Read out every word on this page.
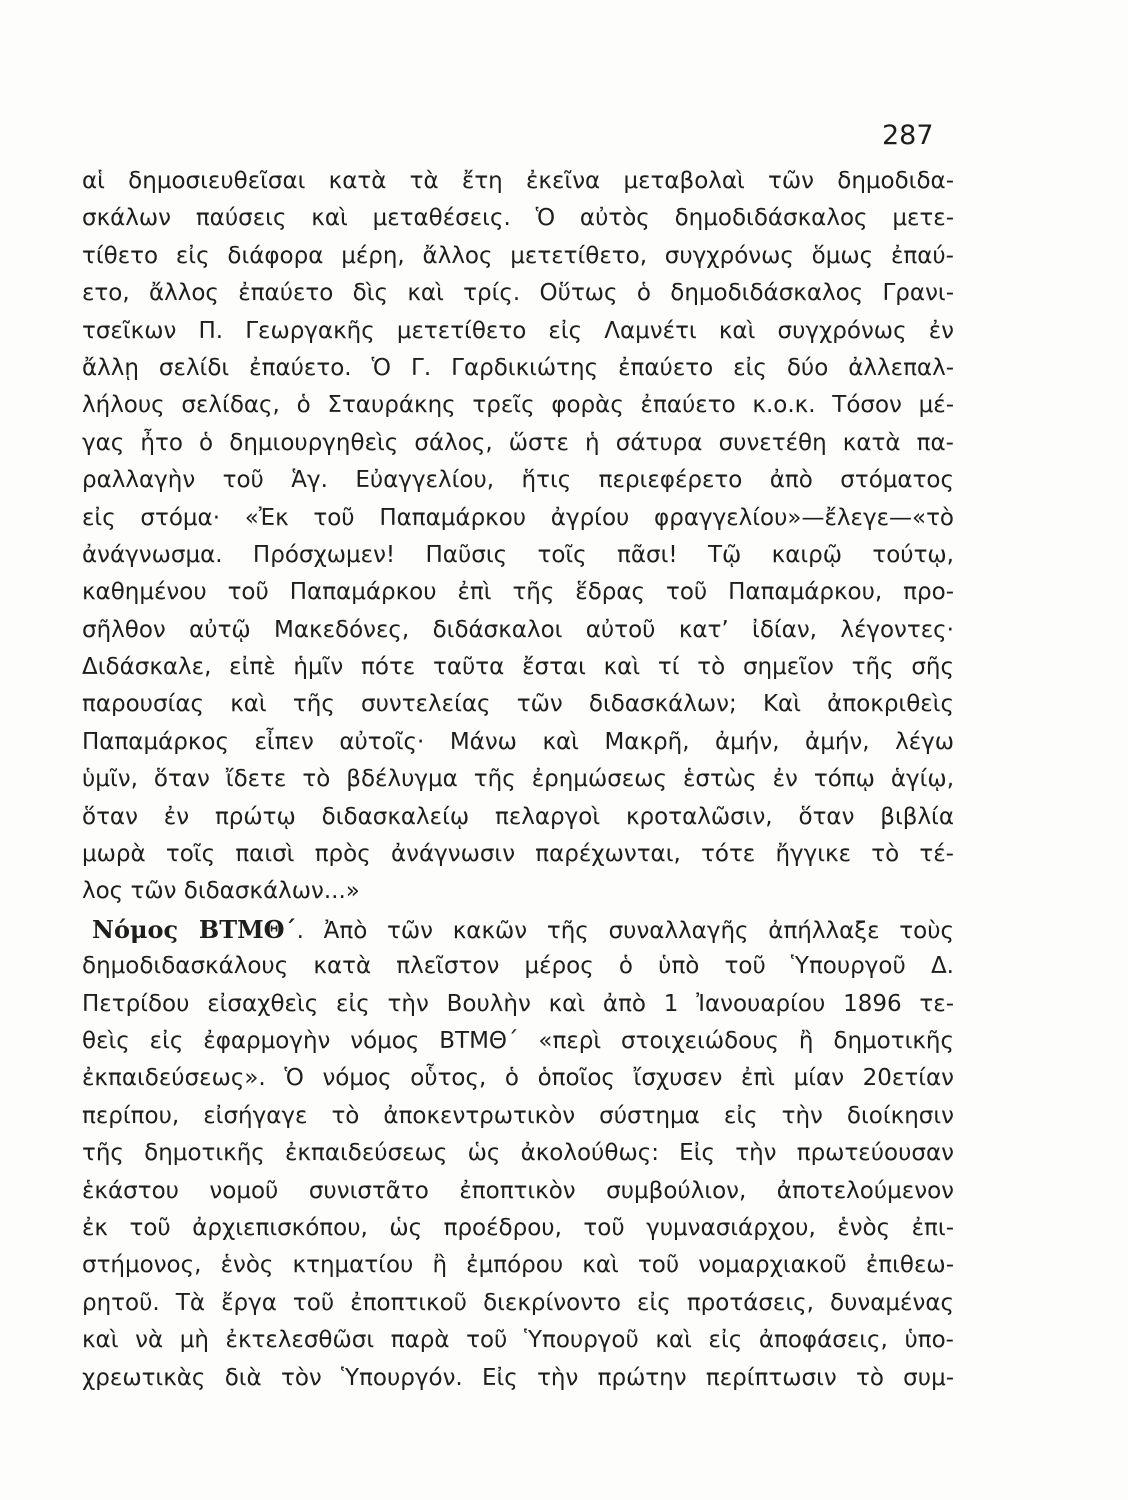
287
αἱ δημοσιευθεῖσαι κατὰ τὰ ἔτη ἐκεῖνα μεταβολαὶ τῶν δημοδιδα-
σκάλων παύσεις καὶ μεταθέσεις. Ὁ αὐτὸς δημοδιδάσκαλος μετε-
τίθετο εἰς διάφορα μέρη, ἄλλος μετετίθετο, συγχρόνως ὅμως ἐπαύ-
ετο, ἄλλος ἐπαύετο δὶς καὶ τρίς. Οὕτως ὁ δημοδιδάσκαλος Γρανι-
τσεῖκων Π. Γεωργακῆς μετετίθετο εἰς Λαμνέτι καὶ συγχρόνως ἐν
ἄλλῃ σελίδι ἐπαύετο. Ὁ Γ. Γαρδικιώτης ἐπαύετο εἰς δύο ἀλλεπαλ-
λήλους σελίδας, ὁ Σταυράκης τρεῖς φορὰς ἐπαύετο κ.ο.κ. Τόσον μέ-
γας ἦτο ὁ δημιουργηθεὶς σάλος, ὥστε ἡ σάτυρα συνετέθη κατὰ πα-
ραλλαγὴν τοῦ Ἁγ. Εὐαγγελίου, ἥτις περιεφέρετο ἀπὸ στόματος
εἰς στόμα· «Ἐκ τοῦ Παπαμάρκου ἀγρίου φραγγελίου»—ἔλεγε—«τὸ
ἀνάγνωσμα. Πρόσχωμεν! Παῦσις τοῖς πᾶσι! Τῷ καιρῷ τούτῳ,
καθημένου τοῦ Παπαμάρκου ἐπὶ τῆς ἕδρας τοῦ Παπαμάρκου, προ-
σῆλθον αὐτῷ Μακεδόνες, διδάσκαλοι αὐτοῦ κατ’ ἰδίαν, λέγοντες·
Διδάσκαλε, εἰπὲ ἡμῖν πότε ταῦτα ἔσται καὶ τί τὸ σημεῖον τῆς σῆς
παρουσίας καὶ τῆς συντελείας τῶν διδασκάλων; Καὶ ἀποκριθεὶς
Παπαμάρκος εἶπεν αὐτοῖς· Μάνω καὶ Μακρῆ, ἀμήν, ἀμήν, λέγω
ὑμῖν, ὅταν ἴδετε τὸ βδέλυγμα τῆς ἐρημώσεως ἑστὼς ἐν τόπῳ ἁγίῳ,
ὅταν ἐν πρώτῳ διδασκαλείῳ πελαργοὶ κροταλῶσιν, ὅταν βιβλία
μωρὰ τοῖς παισὶ πρὸς ἀνάγνωσιν παρέχωνται, τότε ἤγγικε τὸ τέ-
λος τῶν διδασκάλων...»
Νόμος ΒΤΜΘ΄. Ἀπὸ τῶν κακῶν τῆς συναλλαγῆς ἀπήλλαξε τοὺς
δημοδιδασκάλους κατὰ πλεῖστον μέρος ὁ ὑπὸ τοῦ Ὑπουργοῦ Δ.
Πετρίδου εἰσαχθεὶς εἰς τὴν Βουλὴν καὶ ἀπὸ 1 Ἰανουαρίου 1896 τε-
θεὶς εἰς ἐφαρμογὴν νόμος ΒΤΜΘ΄ «περὶ στοιχειώδους ἢ δημοτικῆς
ἐκπαιδεύσεως». Ὁ νόμος οὗτος, ὁ ὁποῖος ἴσχυσεν ἐπὶ μίαν 20ετίαν
περίπου, εἰσήγαγε τὸ ἀποκεντρωτικὸν σύστημα εἰς τὴν διοίκησιν
τῆς δημοτικῆς ἐκπαιδεύσεως ὡς ἀκολούθως: Εἰς τὴν πρωτεύουσαν
ἑκάστου νομοῦ συνιστᾶτο ἐποπτικὸν συμβούλιον, ἀποτελούμενον
ἐκ τοῦ ἀρχιεπισκόπου, ὡς προέδρου, τοῦ γυμνασιάρχου, ἑνὸς ἐπι-
στήμονος, ἑνὸς κτηματίου ἢ ἐμπόρου καὶ τοῦ νομαρχιακοῦ ἐπιθεω-
ρητοῦ. Τὰ ἔργα τοῦ ἐποπτικοῦ διεκρίνοντο εἰς προτάσεις, δυναμένας
καὶ νὰ μὴ ἐκτελεσθῶσι παρὰ τοῦ Ὑπουργοῦ καὶ εἰς ἀποφάσεις, ὑπο-
χρεωτικὰς διὰ τὸν Ὑπουργόν. Εἰς τὴν πρώτην περίπτωσιν τὸ συμ-
